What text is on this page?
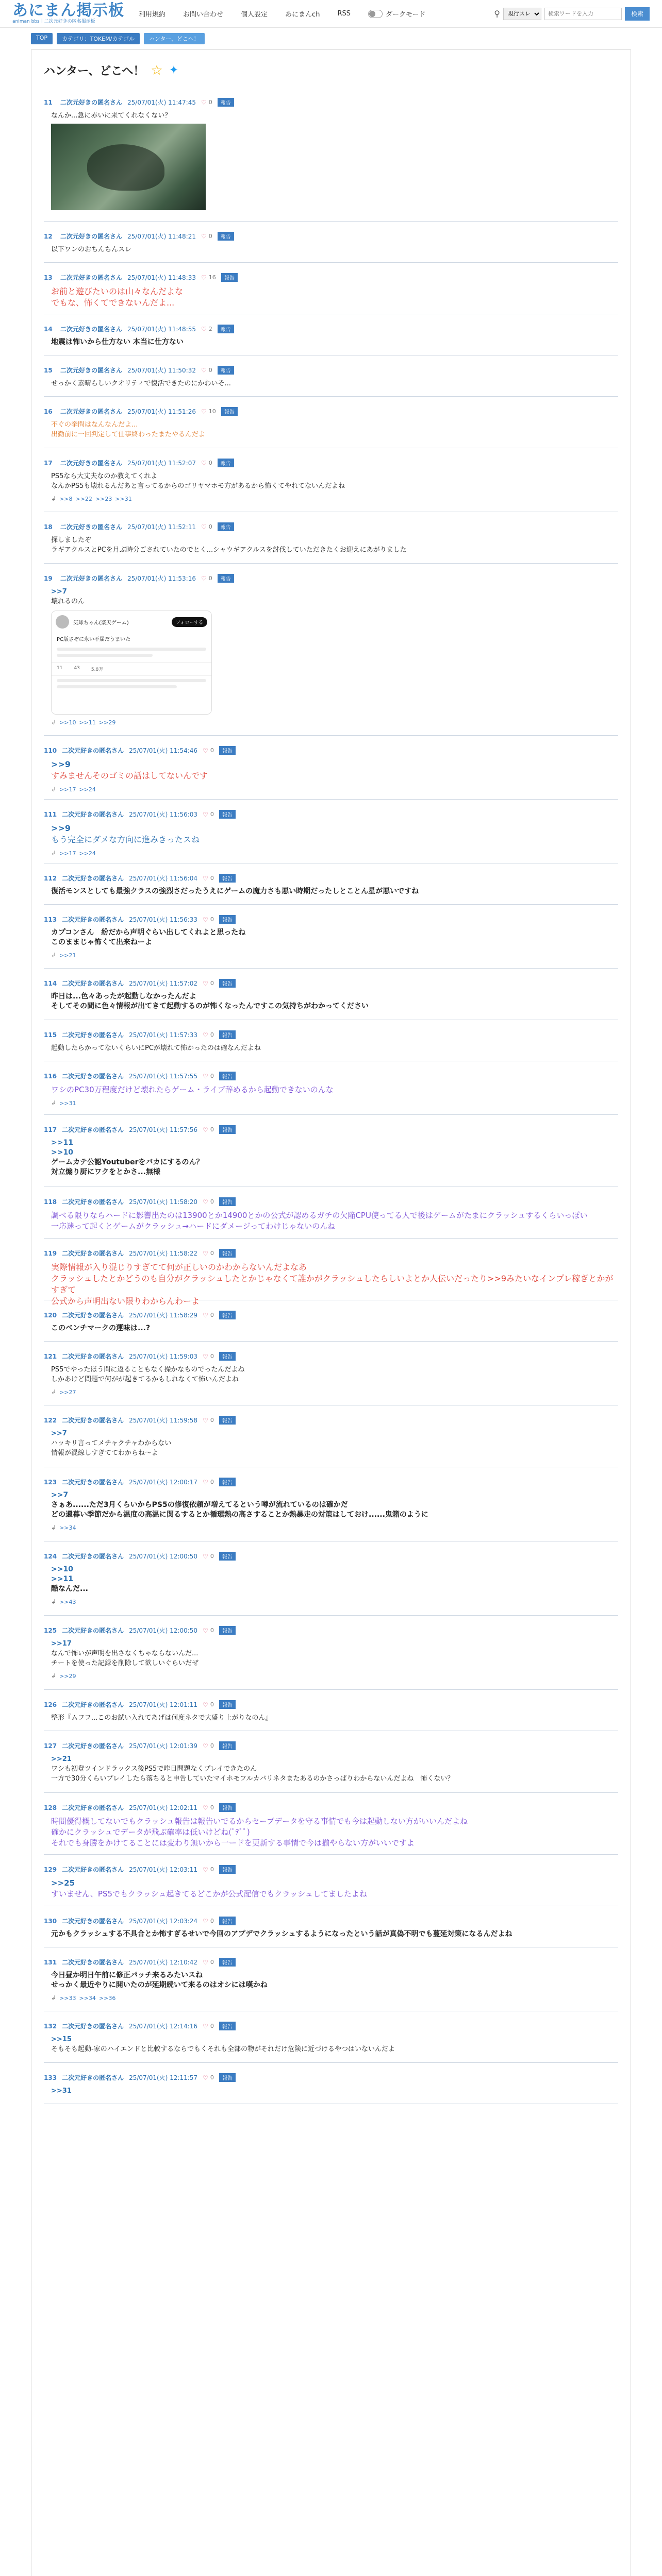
あにまん掲示板
animan bbs｜二次元好きの匿名掲示板
利用規約	お問い合わせ	個人設定	あにまんch	RSS	ダークモード	⚲
現行スレ
検索ワードを入力	検索
TOP	カテゴリ：TOKEM/カテゴル	ハンター、どこへ！
ハンター、どこへ！ ☆ ✦
11	二次元好きの匿名さん 25/07/01(火) 11:47:45 ♡ 0	報告

なんか...急に赤いに来てくれなくない？

12	二次元好きの匿名さん 25/07/01(火) 11:48:21 ♡ 0	報告

以下ワンのおちんちんスレ

13	二次元好きの匿名さん 25/07/01(火) 11:48:33 ♡ 16	報告

お前と遊びたいのは山々なんだよな

でもな、怖くてできないんだよ...

14	二次元好きの匿名さん 25/07/01(火) 11:48:55 ♡ 2	報告

地震は怖いから仕方ない 本当に仕方ない

15	二次元好きの匿名さん 25/07/01(火) 11:50:32 ♡ 0	報告

せっかく素晴らしいクオリティで復活できたのにかわいそ...

16	二次元好きの匿名さん 25/07/01(火) 11:51:26 ♡ 10	報告

不ぐの挙問はなんなんだよ...

出勤前に一回判定して仕事終わったまたやるんだよ

17	二次元好きの匿名さん 25/07/01(火) 11:52:07 ♡ 0	報告

PS5なら大丈夫なのか教えてくれよ

なんかPS5も壊れるんだあと言ってるからのゴリヤマホモ方があるから怖くてやれてないんだよね

↲ >>8 >>22 >>23 >>31
18	二次元好きの匿名さん 25/07/01(火) 11:52:11 ♡ 0	報告

探しましたぞ

ラギアクルスとPCを月ぶ時分ごされていたのでとく...シャウギアクルスを討伐していただきたくお迎えにあがりました

19	二次元好きの匿名さん 25/07/01(火) 11:53:16 ♡ 0	報告

>>7

壊れるのん

気球ちゃん(楽天ゲーム)	フォローする
PC版さぞに永い不届だうまいた
11 43 5.8万
↲ >>10 >>11 >>29
110 二次元好きの匿名さん 25/07/01(火) 11:54:46 ♡ 0	報告

>>9

すみませんそのゴミの話はしてないんです

↲ >>17 >>24
111 二次元好きの匿名さん 25/07/01(火) 11:56:03 ♡ 0	報告

>>9

もう完全にダメな方向に進みきったスね

↲ >>17 >>24
112 二次元好きの匿名さん 25/07/01(火) 11:56:04 ♡ 0	報告

復活モンスとしても最強クラスの強烈さだったうえにゲームの魔力さも悪い時期だったしとことん星が悪いですね

113 二次元好きの匿名さん 25/07/01(火) 11:56:33 ♡ 0	報告

カプコンさん　紛だから声明ぐらい出してくれよと思ったね

このままじゃ怖くて出来ねーよ

↲ >>21
114 二次元好きの匿名さん 25/07/01(火) 11:57:02 ♡ 0	報告

昨日は...色々あったが起動しなかったんだよ

そしてその間に色々情報が出てきて起動するのが怖くなったんですこの気持ちがわかってください

115 二次元好きの匿名さん 25/07/01(火) 11:57:33 ♡ 0	報告

起動したらかってないくらいにPCが壊れて怖かったのは確なんだよね

116 二次元好きの匿名さん 25/07/01(火) 11:57:55 ♡ 0	報告

ワシのPC30万程度だけど壊れたらゲーム・ライブ辞めるから起動できないのんな

↲ >>31
117 二次元好きの匿名さん 25/07/01(火) 11:57:56 ♡ 0	報告

>>11

>>10

ゲームカテ公認Youtuberをバカにするのん？

対立煽り厨にワクをとかさ...無様

118 二次元好きの匿名さん 25/07/01(火) 11:58:20 ♡ 0	報告

調べる限りならハードに影響出たのは13900とか14900とかの公式が認めるガチの欠陥CPU使ってる人で後はゲームがたまにクラッシュするくらいっぽい

一応迷って起くとゲームがクラッシュ→ハードにダメージってわけじゃないのんね

119 二次元好きの匿名さん 25/07/01(火) 11:58:22 ♡ 0	報告

実際情報が入り混じりすぎてて何が正しいのかわからないんだよなあ

クラッシュしたとかどうのも自分がクラッシュしたとかじゃなくて誰かがクラッシュしたらしいよとか人伝いだったり>>9みたいなインプレ稼ぎとかがすぎて

公式から声明出ない限りわからんわーよ

120 二次元好きの匿名さん 25/07/01(火) 11:58:29 ♡ 0	報告

このベンチマークの運味は...?

121 二次元好きの匿名さん 25/07/01(火) 11:59:03 ♡ 0	報告

PS5でやったほう問に返ることもなく操かなものでったんだよね

しかあけど問題で何がが起きてるかもしれなくて怖いんだよね

↲ >>27
122 二次元好きの匿名さん 25/07/01(火) 11:59:58 ♡ 0	報告

>>7

ハッキリ言ってメチャクチャわからない

情報が混線しすぎててわからね～よ

123 二次元好きの匿名さん 25/07/01(火) 12:00:17 ♡ 0	報告

>>7

さぁあ......ただ3月くらいからPS5の修復依頼が増えてるという噂が流れているのは確かだ

どの還暮い季節だから温度の高温に関るするとか循環熱の高さすることか熱暴走の対策はしておけ......鬼籍のように

↲ >>34
124 二次元好きの匿名さん 25/07/01(火) 12:00:50 ♡ 0	報告

>>10

>>11

酷なんだ...

↲ >>43
125 二次元好きの匿名さん 25/07/01(火) 12:00:50 ♡ 0	報告

>>17

なんで怖いが声明を出さなくちゃならないんだ...

チートを使った記録を削除して欲しいぐらいだぜ

↲ >>29
126 二次元好きの匿名さん 25/07/01(火) 12:01:11 ♡ 0	報告

整形『ムフフ...このお試い入れてあげは何度ネタで大盛り上がりなのん』

127 二次元好きの匿名さん 25/07/01(火) 12:01:39 ♡ 0	報告

>>21

ワシも初登ツインドラックス後PS5で昨日問題なくプレイできたのん

一方で30分くらいプレイしたら落ちると申告していたマイホモフルカバリネタまたあるのかさっぱりわからないんだよね　怖くない？

128 二次元好きの匿名さん 25/07/01(火) 12:02:11 ♡ 0	報告

時間優得概してないでもクラッシュ報告は報告いでるからセーブデータを守る事情でも今は起動しない方がいいんだよね

確かにクラッシュでデータが飛ぶ確率は低いけどね(ﾟﾃﾞﾟ)

それでも身勝をかけてることには変わり無いから一ードを更新する事情で今は揃やらない方がいいですよ

129 二次元好きの匿名さん 25/07/01(火) 12:03:11 ♡ 0	報告

>>25

すいません、PS5でもクラッシュ起きてるどこかが公式配信でもクラッシュしてましたよね

130 二次元好きの匿名さん 25/07/01(火) 12:03:24 ♡ 0	報告

元かもクラッシュする不具合とか怖すぎるせいで今回のアプデでクラッシュするようになったという話が真偽不明でも蔓延対策になるんだよね

131 二次元好きの匿名さん 25/07/01(火) 12:10:42 ♡ 0	報告

今日昼か明日午前に修正パッチ来るみたいスね

せっかく最近やりに開いたのが延期続いて来るのはオシには嘆かね

↲ >>33 >>34 >>36
132 二次元好きの匿名さん 25/07/01(火) 12:14:16 ♡ 0	報告

>>15

そもそも起動-家のハイエンドと比較するならでもくそれも全部の物がそれだけ危険に近づけるやつはいないんだよ

133 二次元好きの匿名さん 25/07/01(火) 12:11:57 ♡ 0	報告

>>31
